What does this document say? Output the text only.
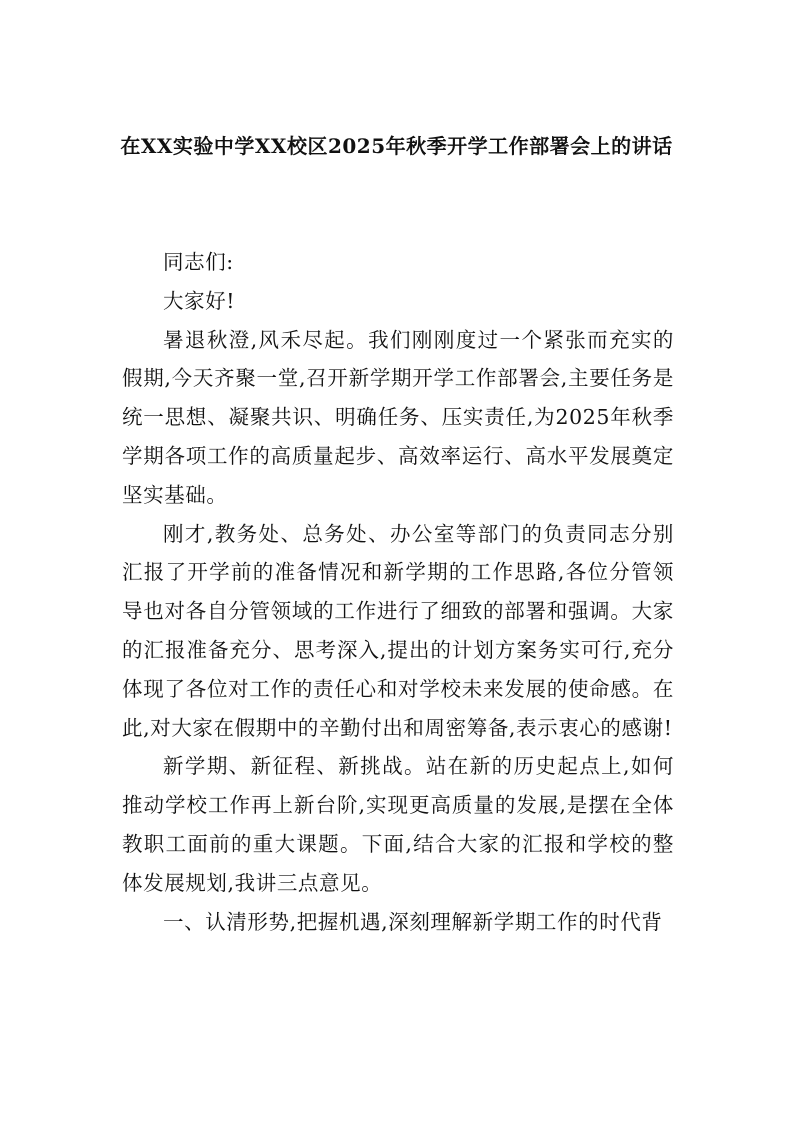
在XX实验中学XX校区2025年秋季开学工作部署会上的讲话

同志们:

大家好!

暑退秋澄,风禾尽起。我们刚刚度过一个紧张而充实的假期,今天齐聚一堂,召开新学期开学工作部署会,主要任务是统一思想、凝聚共识、明确任务、压实责任,为2025年秋季学期各项工作的高质量起步、高效率运行、高水平发展奠定坚实基础。

刚才,教务处、总务处、办公室等部门的负责同志分别汇报了开学前的准备情况和新学期的工作思路,各位分管领导也对各自分管领域的工作进行了细致的部署和强调。大家的汇报准备充分、思考深入,提出的计划方案务实可行,充分体现了各位对工作的责任心和对学校未来发展的使命感。在此,对大家在假期中的辛勤付出和周密筹备,表示衷心的感谢!

新学期、新征程、新挑战。站在新的历史起点上,如何推动学校工作再上新台阶,实现更高质量的发展,是摆在全体教职工面前的重大课题。下面,结合大家的汇报和学校的整体发展规划,我讲三点意见。

一、认清形势,把握机遇,深刻理解新学期工作的时代背
